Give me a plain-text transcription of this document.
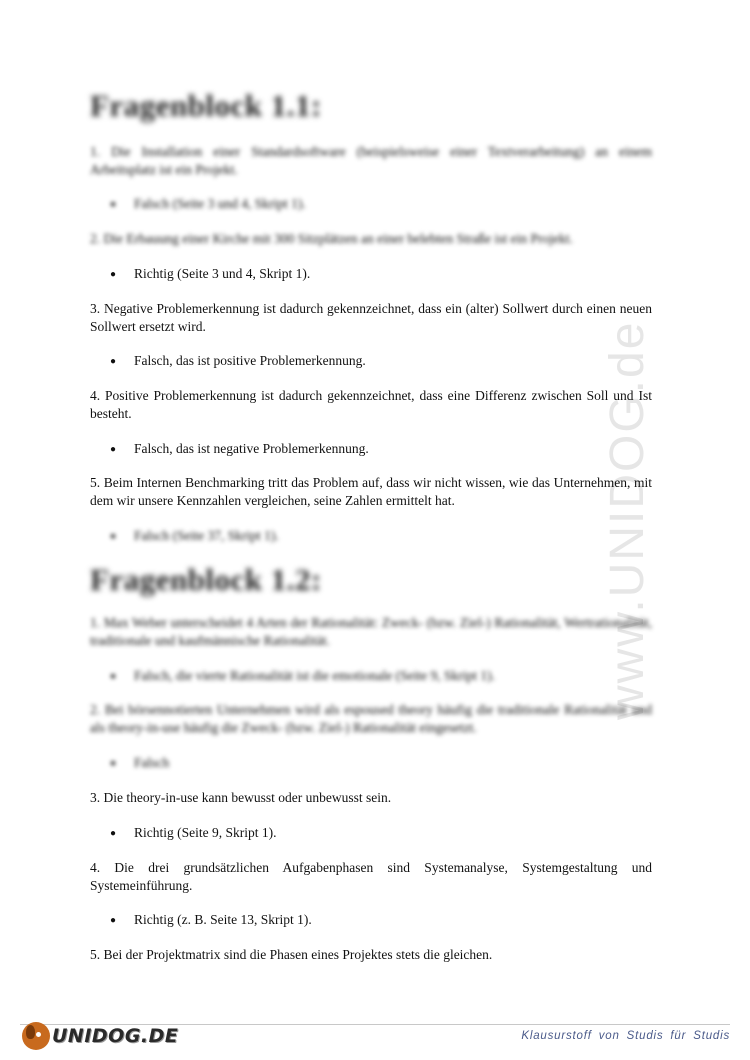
www.UNIDOG.de
Fragenblock 1.1:

1. Die Installation einer Standardsoftware (beispielsweise einer Textverarbeitung) an einem Arbeitsplatz ist ein Projekt.

● Falsch (Seite 3 und 4, Skript 1).

2. Die Erbauung einer Kirche mit 300 Sitzplätzen an einer belebten Straße ist ein Projekt.

● Richtig (Seite 3 und 4, Skript 1).

3. Negative Problemerkennung ist dadurch gekennzeichnet, dass ein (alter) Sollwert durch einen neuen Sollwert ersetzt wird.

● Falsch, das ist positive Problemerkennung.

4. Positive Problemerkennung ist dadurch gekennzeichnet, dass eine Differenz zwischen Soll und Ist besteht.

● Falsch, das ist negative Problemerkennung.

5. Beim Internen Benchmarking tritt das Problem auf, dass wir nicht wissen, wie das Unternehmen, mit dem wir unsere Kennzahlen vergleichen, seine Zahlen ermittelt hat.

● Falsch (Seite 37, Skript 1).

Fragenblock 1.2:

1. Max Weber unterscheidet 4 Arten der Rationalität: Zweck- (bzw. Ziel-) Rationalität, Wertrationalität, traditionale und kaufmännische Rationalität.

● Falsch, die vierte Rationalität ist die emotionale (Seite 9, Skript 1).

2. Bei börsennotierten Unternehmen wird als espoused theory häufig die traditionale Rationalität und als theory-in-use häufig die Zweck- (bzw. Ziel-) Rationalität eingesetzt.

● Falsch

3. Die theory-in-use kann bewusst oder unbewusst sein.

● Richtig (Seite 9, Skript 1).

4. Die drei grundsätzlichen Aufgabenphasen sind Systemanalyse, Systemgestaltung und Systemeinführung.

● Richtig (z. B. Seite 13, Skript 1).

5. Bei der Projektmatrix sind die Phasen eines Projektes stets die gleichen.

UNIDOG.DE	Klausurstoff von Studis für Studis
